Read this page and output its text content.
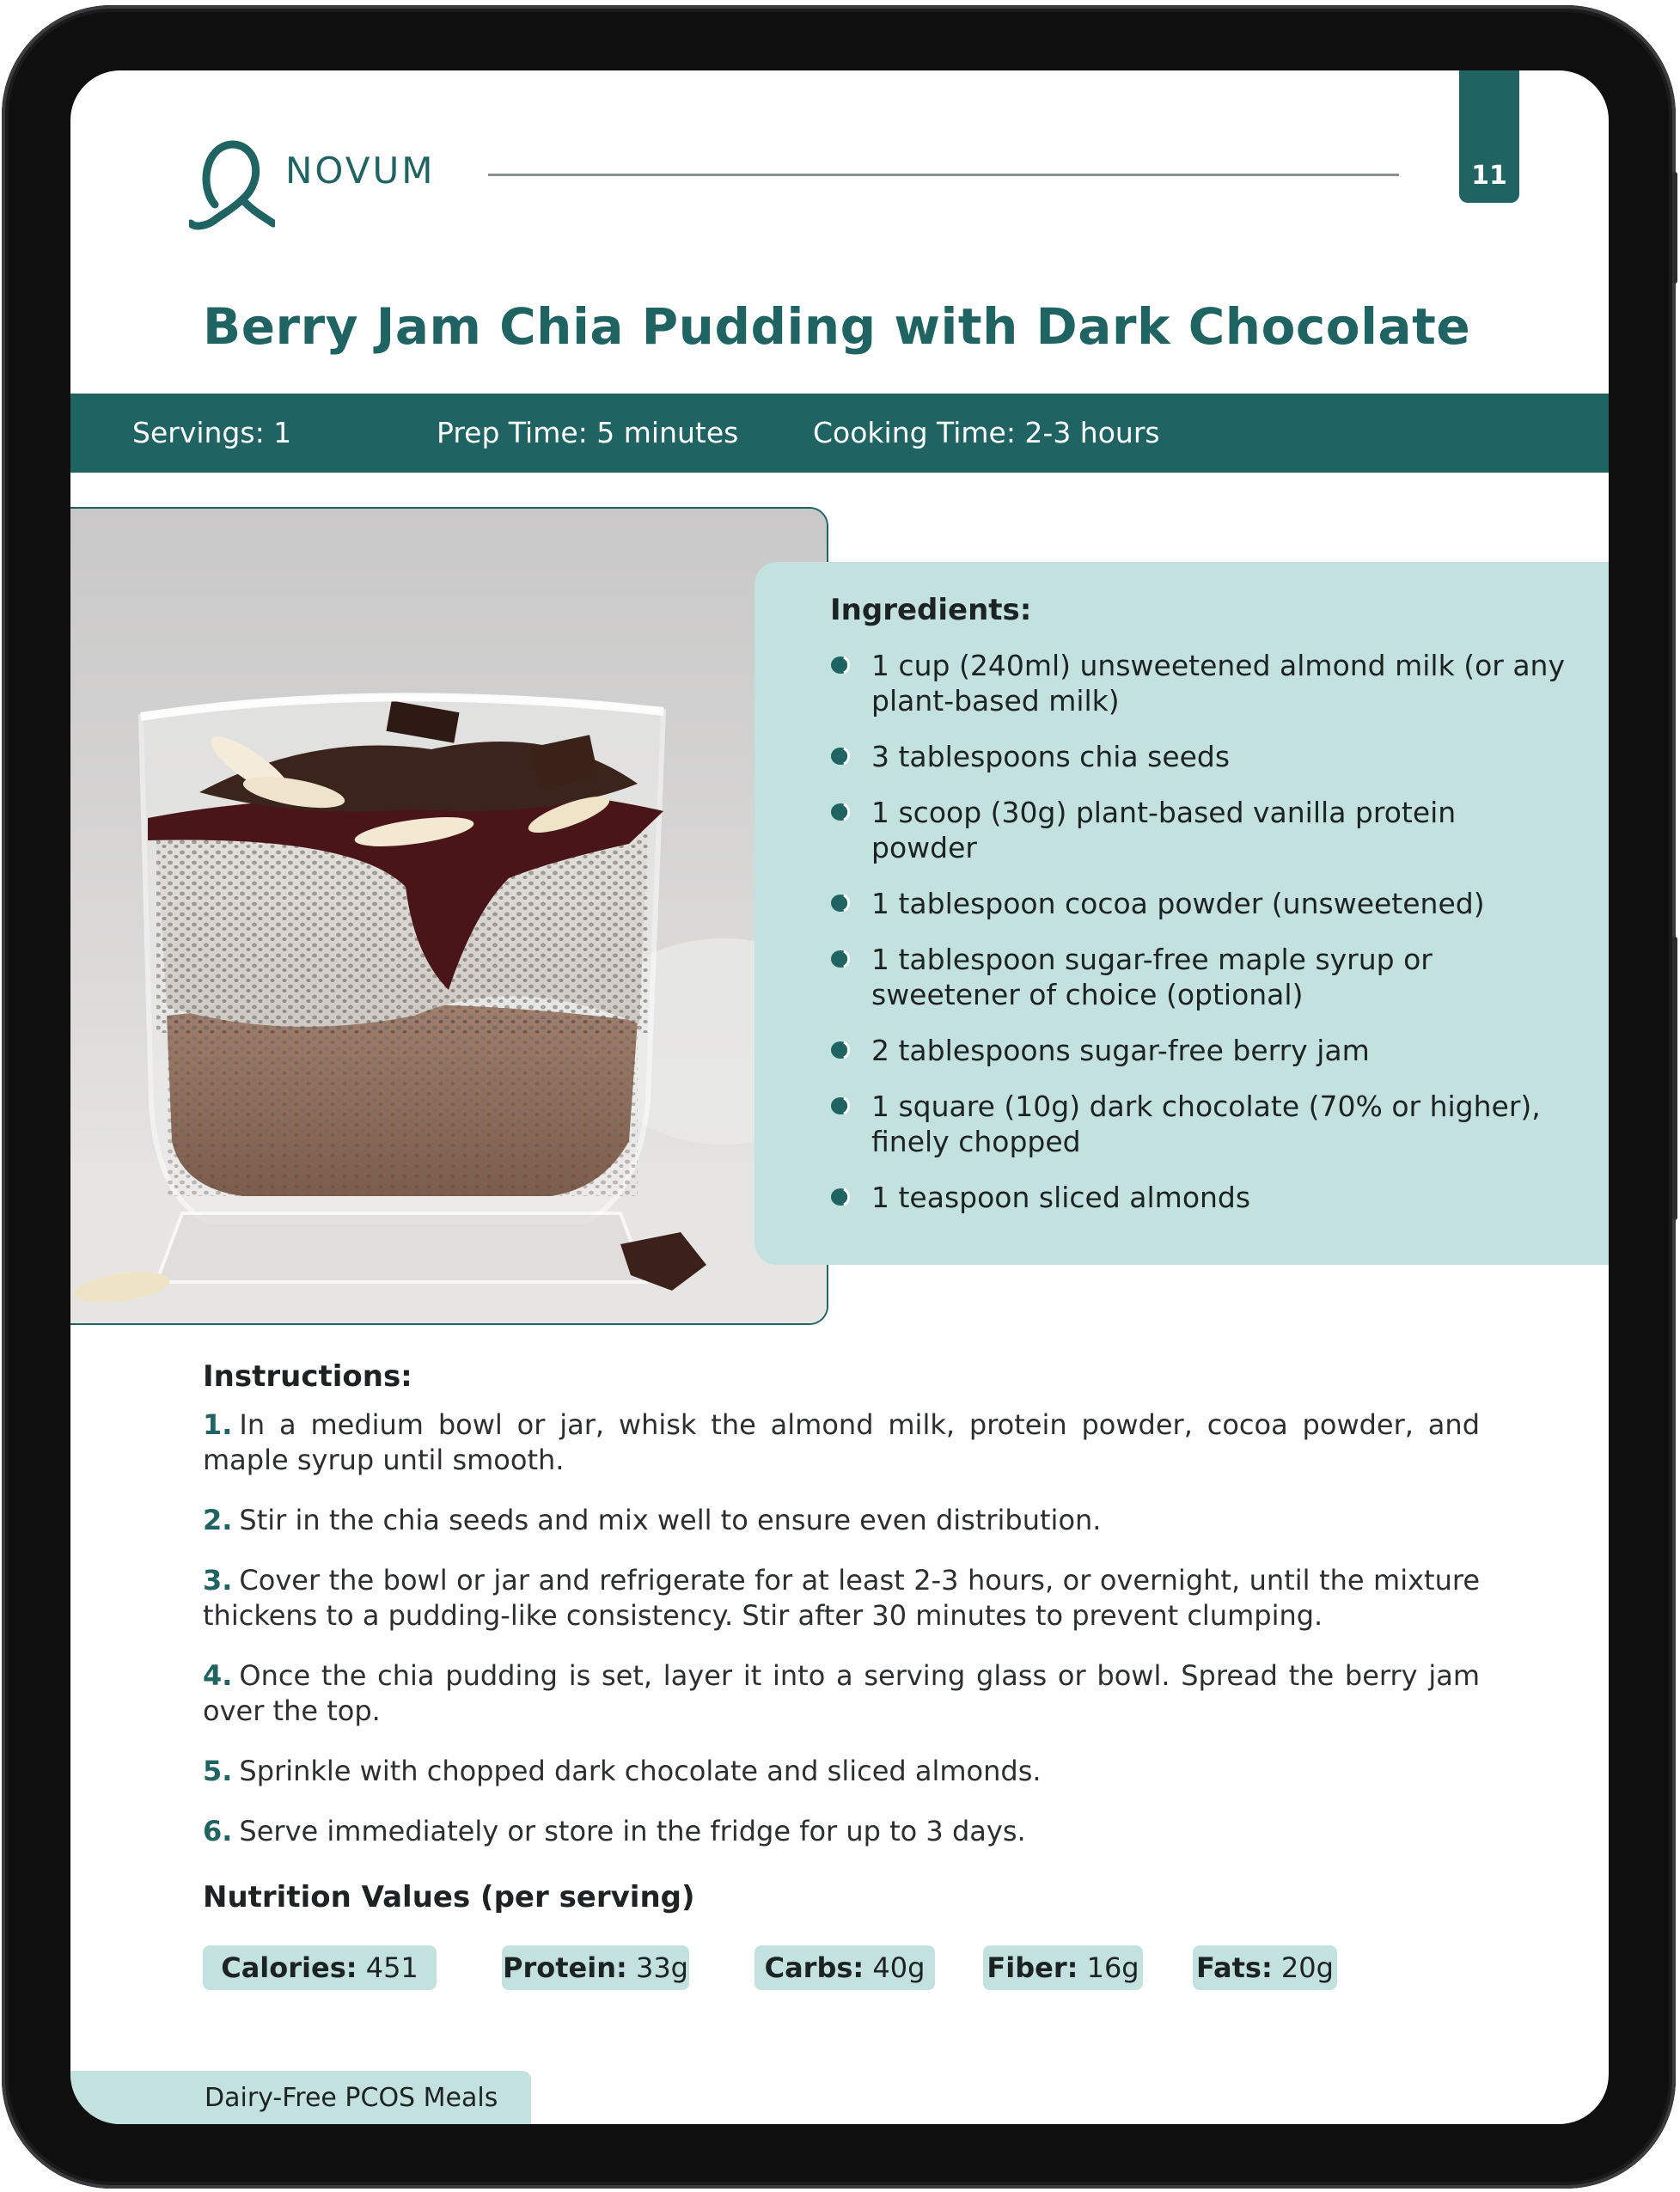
NOVUM	11
Berry Jam Chia Pudding with Dark Chocolate
Servings: 1	Prep Time: 5 minutes	Cooking Time: 2-3 hours
Ingredients:
1 cup (240ml) unsweetened almond milk (or any plant-based milk)
3 tablespoons chia seeds
1 scoop (30g) plant-based vanilla protein powder
1 tablespoon cocoa powder (unsweetened)
1 tablespoon sugar-free maple syrup or sweetener of choice (optional)
2 tablespoons sugar-free berry jam
1 square (10g) dark chocolate (70% or higher), finely chopped
1 teaspoon sliced almonds
Instructions:
1. In a medium bowl or jar, whisk the almond milk, protein powder, cocoa powder, and maple syrup until smooth.
2. Stir in the chia seeds and mix well to ensure even distribution.
3. Cover the bowl or jar and refrigerate for at least 2-3 hours, or overnight, until the mixture thickens to a pudding-like consistency. Stir after 30 minutes to prevent clumping.
4. Once the chia pudding is set, layer it into a serving glass or bowl. Spread the berry jam over the top.
5. Sprinkle with chopped dark chocolate and sliced almonds.
6. Serve immediately or store in the fridge for up to 3 days.
Nutrition Values (per serving)
Calories: 451	Protein: 33g	Carbs: 40g	Fiber: 16g Fats: 20g
Dairy-Free PCOS Meals
